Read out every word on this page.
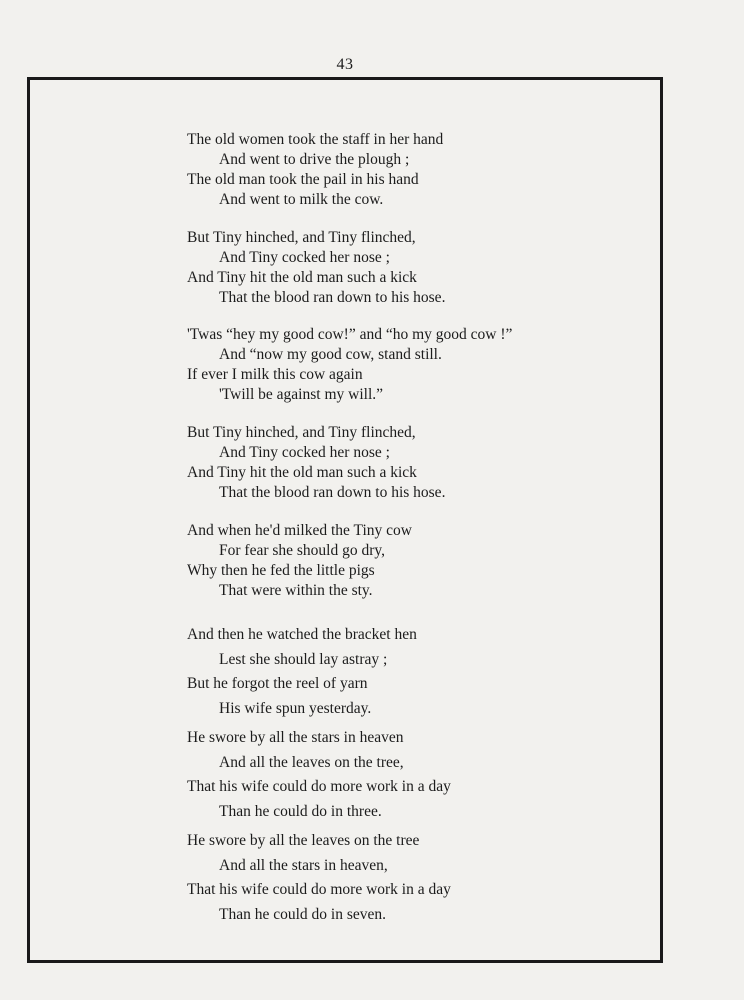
43
The old women took the staff in her hand
And went to drive the plough ;
The old man took the pail in his hand
And went to milk the cow.
But Tiny hinched, and Tiny flinched,
And Tiny cocked her nose ;
And Tiny hit the old man such a kick
That the blood ran down to his hose.
'Twas “hey my good cow!” and “ho my good cow !”
And “now my good cow, stand still.
If ever I milk this cow again
'Twill be against my will.”
But Tiny hinched, and Tiny flinched,
And Tiny cocked her nose ;
And Tiny hit the old man such a kick
That the blood ran down to his hose.
And when he'd milked the Tiny cow
For fear she should go dry,
Why then he fed the little pigs
That were within the sty.
And then he watched the bracket hen
Lest she should lay astray ;
But he forgot the reel of yarn
His wife spun yesterday.
He swore by all the stars in heaven
And all the leaves on the tree,
That his wife could do more work in a day
Than he could do in three.
He swore by all the leaves on the tree
And all the stars in heaven,
That his wife could do more work in a day
Than he could do in seven.
